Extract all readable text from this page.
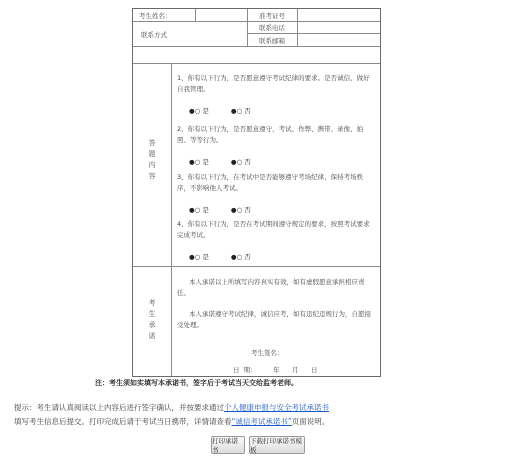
考生姓名：	准考证号
联系方式
联系电话
联系邮箱
答题内容
1、你有以下行为，是否愿意遵守考试纪律的要求。是否诚信，做好自我管理。
●○ 是	●○ 否
2、你有以下行为，是否愿意遵守，考试、作弊、携带、录像、拍照、等等行为。
●○ 是	●○ 否
3、你有以下行为，在考试中是否能够遵守考场纪律，保持考场秩序，不影响他人考试。
●○ 是	●○ 否
4、你有以下行为，是否在考试期间遵守规定的要求，按照考试要求完成考试。
●○ 是	●○ 否
考生承诺
本人承诺以上所填写内容真实有效，如有虚假愿意承担相应责任。
本人承诺遵守考试纪律，诚信应考，如有违纪违规行为，自愿接受处理。
考生签名：
日  期：        年      月      日
注：考生须如实填写本承诺书，签字后于考试当天交给监考老师。
提示：考生请认真阅读以上内容后进行签字确认，并按要求通过个人健康申报与安全考试承诺书
填写考生信息后提交。打印完成后请于考试当日携带，详情请查看“诚信考试承诺书”页面说明。
打印承诺书
下载打印承诺书模板
